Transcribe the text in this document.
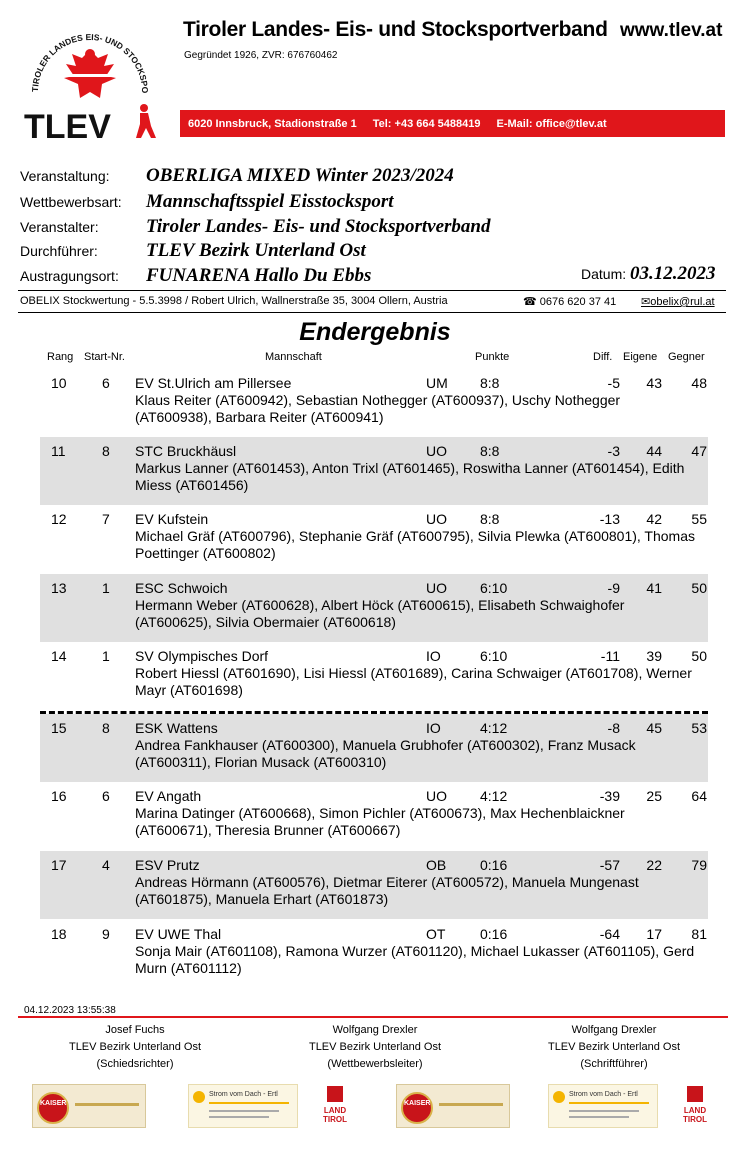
TIROLER LANDES EIS- UND STOCKSPO
TLEV
Tiroler Landes- Eis- und Stocksportverband www.tlev.at
Gegründet 1926, ZVR: 676760462
6020 Innsbruck, Stadionstraße 1 Tel: +43 664 5488419 E-Mail: office@tlev.at
Veranstaltung: OBERLIGA MIXED Winter 2023/2024
Wettbewerbsart: Mannschaftsspiel Eisstocksport
Veranstalter: Tiroler Landes- Eis- und Stocksportverband
Durchführer:	TLEV Bezirk Unterland Ost
Austragungsort: FUNARENA Hallo Du Ebbs	Datum: 03.12.2023
OBELIX Stockwertung - 5.5.3998 / Robert Ulrich, Wallnerstraße 35, 3004 Ollern, Austria	☎ 0676 620 37 41 ✉obelix@rul.at
Endergebnis
Rang Start-Nr.	Mannschaft	Punkte	Diff. Eigene Gegner
10	6 EV St.Ulrich am Pillersee	UM 8:8	-5	43	48
Klaus Reiter (AT600942), Sebastian Nothegger (AT600937), Uschy Nothegger (AT600938), Barbara Reiter (AT600941)
11	8 STC Bruckhäusl	UO 8:8	-3	44	47
Markus Lanner (AT601453), Anton Trixl (AT601465), Roswitha Lanner (AT601454), Edith Miess (AT601456)
12	7 EV Kufstein	UO 8:8	-13	42	55
Michael Gräf (AT600796), Stephanie Gräf (AT600795), Silvia Plewka (AT600801), Thomas Poettinger (AT600802)
13	1 ESC Schwoich	UO 6:10	-9	41	50
Hermann Weber (AT600628), Albert Höck (AT600615), Elisabeth Schwaighofer (AT600625), Silvia Obermaier (AT600618)
14	1 SV Olympisches Dorf	IO	6:10	-11	39	50
Robert Hiessl (AT601690), Lisi Hiessl (AT601689), Carina Schwaiger (AT601708), Werner Mayr (AT601698)
15	8 ESK Wattens	IO	4:12	-8	45	53
Andrea Fankhauser (AT600300), Manuela Grubhofer (AT600302), Franz Musack (AT600311), Florian Musack (AT600310)
16	6 EV Angath	UO 4:12	-39	25	64
Marina Datinger (AT600668), Simon Pichler (AT600673), Max Hechenblaickner (AT600671), Theresia Brunner (AT600667)
17	4 ESV Prutz	OB 0:16	-57	22	79
Andreas Hörmann (AT600576), Dietmar Eiterer (AT600572), Manuela Mungenast (AT601875), Manuela Erhart (AT601873)
18	9 EV UWE Thal	OT 0:16	-64	17	81
Sonja Mair (AT601108), Ramona Wurzer (AT601120), Michael Lukasser (AT601105), Gerd Murn (AT601112)
04.12.2023 13:55:38
Josef Fuchs
TLEV Bezirk Unterland Ost
(Schiedsrichter)
Wolfgang Drexler
TLEV Bezirk Unterland Ost
(Wettbewerbsleiter)
Wolfgang Drexler
TLEV Bezirk Unterland Ost
(Schriftführer)
KAISER
Strom vom Dach - Ertl
LAND
TIROL
KAISER
Strom vom Dach - Ertl
LAND
TIROL
